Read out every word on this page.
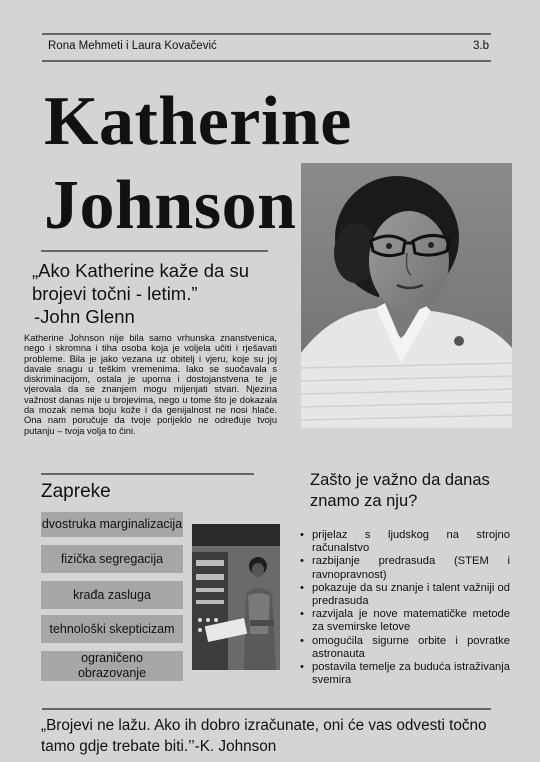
Rona Mehmeti i Laura Kovačević	3.b
Katherine
Johnson
„Ako Katherine kaže da su brojevi točni - letim.”
-John Glenn
Katherine Johnson nije bila samo vrhunska znanstvenica, nego i skromna i tiha osoba koja je voljela učiti i rješavati probleme. Bila je jako vezana uz obitelj i vjeru, koje su joj davale snagu u teškim vremenima. Iako se suočavala s diskriminacijom, ostala je uporna i dostojanstvena te je vjerovala da se znanjem mogu mijenjati stvari. Njezina važnost danas nije u brojevima, nego u tome što je dokazala da mozak nema boju kože i da genijalnost ne nosi hlače. Ona nam poručuje da tvoje porijeklo ne određuje tvoju putanju – tvoja volja to čini.
Zapreke
dvostruka marginalizacija
fizička segregacija
krađa zasluga
tehnološki skepticizam
ograničeno obrazovanje
Zašto je važno da danas znamo za nju?
• prijelaz s ljudskog na strojno računalstvo
• razbijanje predrasuda (STEM i ravnopravnost)
• pokazuje da su znanje i talent važniji od predrasuda
• razvijala je nove matematičke metode za svemirske letove
• omogućila sigurne orbite i povratke astronauta
• postavila temelje za buduća istraživanja svemira
„Brojevi ne lažu. Ako ih dobro izračunate, oni će vas odvesti točno tamo gdje trebate biti.’’-K. Johnson
